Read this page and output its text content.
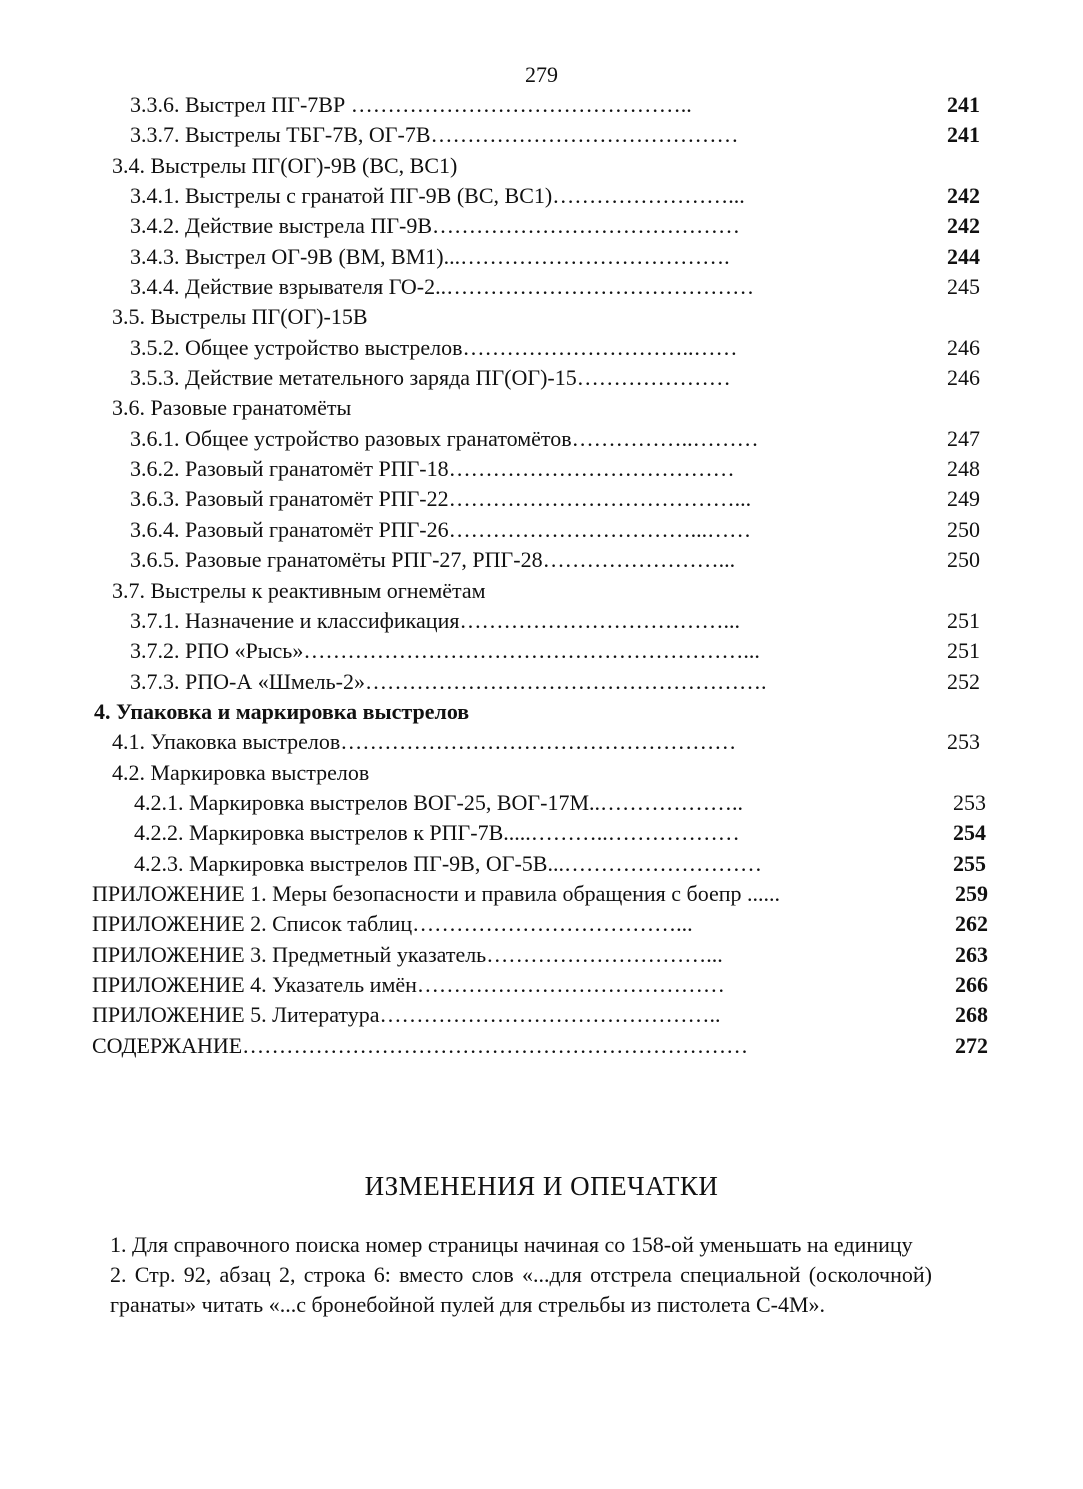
279
3.3.6. Выстрел ПГ-7ВР ………………………………………..	241
3.3.7. Выстрелы ТБГ-7В, ОГ-7В……………………………………	241
3.4. Выстрелы ПГ(ОГ)-9В (ВС, ВС1)
3.4.1. Выстрелы с гранатой ПГ-9В (ВС, ВС1)……………………...	242
3.4.2. Действие выстрела ПГ-9В……………………………………	242
3.4.3. Выстрел ОГ-9В (ВМ, ВМ1)...……………………………….	244
3.4.4. Действие взрывателя ГО-2..……………………………………	245
3.5. Выстрелы ПГ(ОГ)-15В
3.5.2. Общее устройство выстрелов…………………………..……	246
3.5.3. Действие метательного заряда ПГ(ОГ)-15…………………	246
3.6. Разовые гранатомёты
3.6.1. Общее устройство разовых гранатомётов……………..………	247
3.6.2. Разовый гранатомёт РПГ-18…………………………………	248
3.6.3. Разовый гранатомёт РПГ-22…………………………………...	249
3.6.4. Разовый гранатомёт РПГ-26……………………………...……	250
3.6.5. Разовые гранатомёты РПГ-27, РПГ-28……………………...	250
3.7. Выстрелы к реактивным огнемётам
3.7.1. Назначение и классификация………………………………...	251
3.7.2. РПО «Рысь»……………………………………………………...	251
3.7.3. РПО-А «Шмель-2»……………………………………………….	252
4. Упаковка и маркировка выстрелов
4.1. Упаковка выстрелов………………………………………………	253
4.2. Маркировка выстрелов
4.2.1. Маркировка выстрелов ВОГ-25, ВОГ-17М..………………..	253
4.2.2. Маркировка выстрелов к РПГ-7В.....………..………………	254
4.2.3. Маркировка выстрелов ПГ-9В, ОГ-5В...………………………	255
ПРИЛОЖЕНИЕ 1. Меры безопасности и правила обращения с боепр ......	259
ПРИЛОЖЕНИЕ 2. Список таблиц………………………………...	262
ПРИЛОЖЕНИЕ 3. Предметный указатель…………………………...	263
ПРИЛОЖЕНИЕ 4. Указатель имён……………………………………	266
ПРИЛОЖЕНИЕ 5. Литература………………………………………..	268
СОДЕРЖАНИЕ……………………………………………………………	272
ИЗМЕНЕНИЯ И ОПЕЧАТКИ

1. Для справочного поиска номер страницы начиная со 158-ой уменьшать на единицу

2. Стр. 92, абзац 2, строка 6: вместо слов «...для отстрела специальной (осколочной) гранаты» читать «...с бронебойной пулей для стрельбы из пистолета С-4М».
